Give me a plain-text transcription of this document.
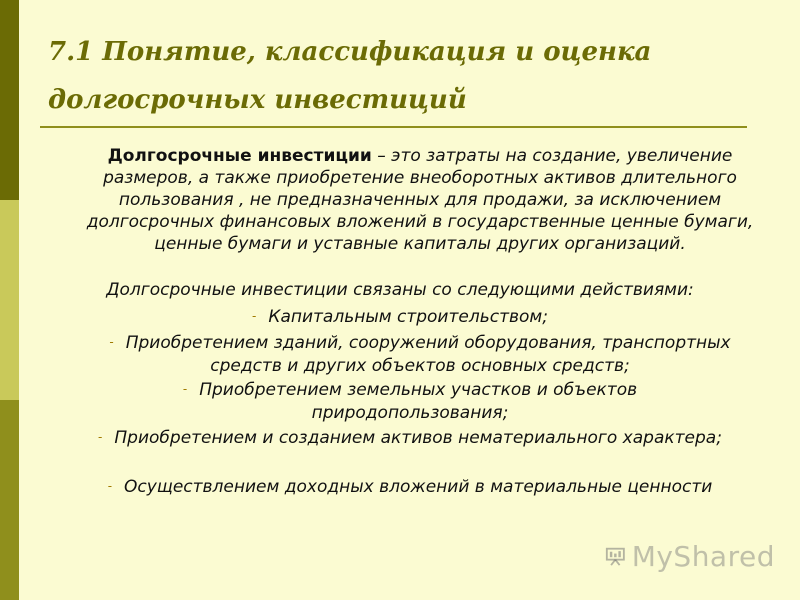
7.1 Понятие, классификация и оценка
долгосрочных инвестиций
Долгосрочные инвестиции – это затраты на создание, увеличение размеров, а также приобретение внеоборотных активов длительного пользования , не предназначенных для продажи, за исключением долгосрочных финансовых вложений в государственные ценные бумаги, ценные бумаги и уставные капиталы других организаций.
Долгосрочные инвестиции связаны со следующими действиями:
- Капитальным строительством;
- Приобретением зданий, сооружений оборудования, транспортных средств и других объектов основных средств;
- Приобретением земельных участков и объектов природопользования;
- Приобретением и созданием активов нематериального характера;
- Осуществлением доходных вложений в материальные ценности
MyShared
